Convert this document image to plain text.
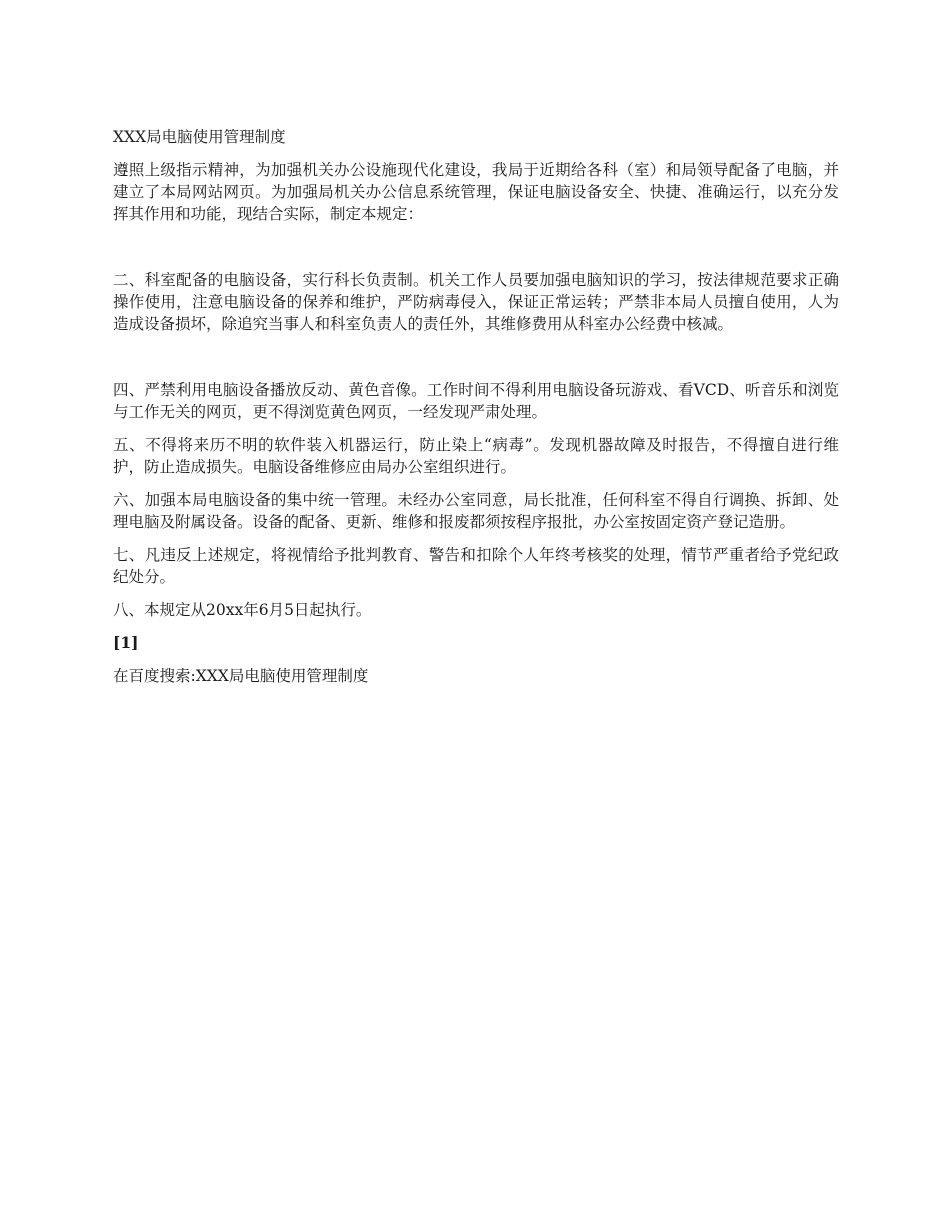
XXX局电脑使用管理制度

遵照上级指示精神，为加强机关办公设施现代化建设，我局于近期给各科（室）和局领导配备了电脑，并建立了本局网站网页。为加强局机关办公信息系统管理，保证电脑设备安全、快捷、准确运行，以充分发挥其作用和功能，现结合实际，制定本规定：

二、科室配备的电脑设备，实行科长负责制。机关工作人员要加强电脑知识的学习，按法律规范要求正确操作使用，注意电脑设备的保养和维护，严防病毒侵入，保证正常运转；严禁非本局人员擅自使用，人为造成设备损坏，除追究当事人和科室负责人的责任外，其维修费用从科室办公经费中核减。

四、严禁利用电脑设备播放反动、黄色音像。工作时间不得利用电脑设备玩游戏、看VCD、听音乐和浏览与工作无关的网页，更不得浏览黄色网页，一经发现严肃处理。

五、不得将来历不明的软件装入机器运行，防止染上“病毒”。发现机器故障及时报告，不得擅自进行维护，防止造成损失。电脑设备维修应由局办公室组织进行。

六、加强本局电脑设备的集中统一管理。未经办公室同意，局长批准，任何科室不得自行调换、拆卸、处理电脑及附属设备。设备的配备、更新、维修和报废都须按程序报批，办公室按固定资产登记造册。

七、凡违反上述规定，将视情给予批判教育、警告和扣除个人年终考核奖的处理，情节严重者给予党纪政纪处分。

八、本规定从20xx年6月5日起执行。

[1]

在百度搜索:XXX局电脑使用管理制度
